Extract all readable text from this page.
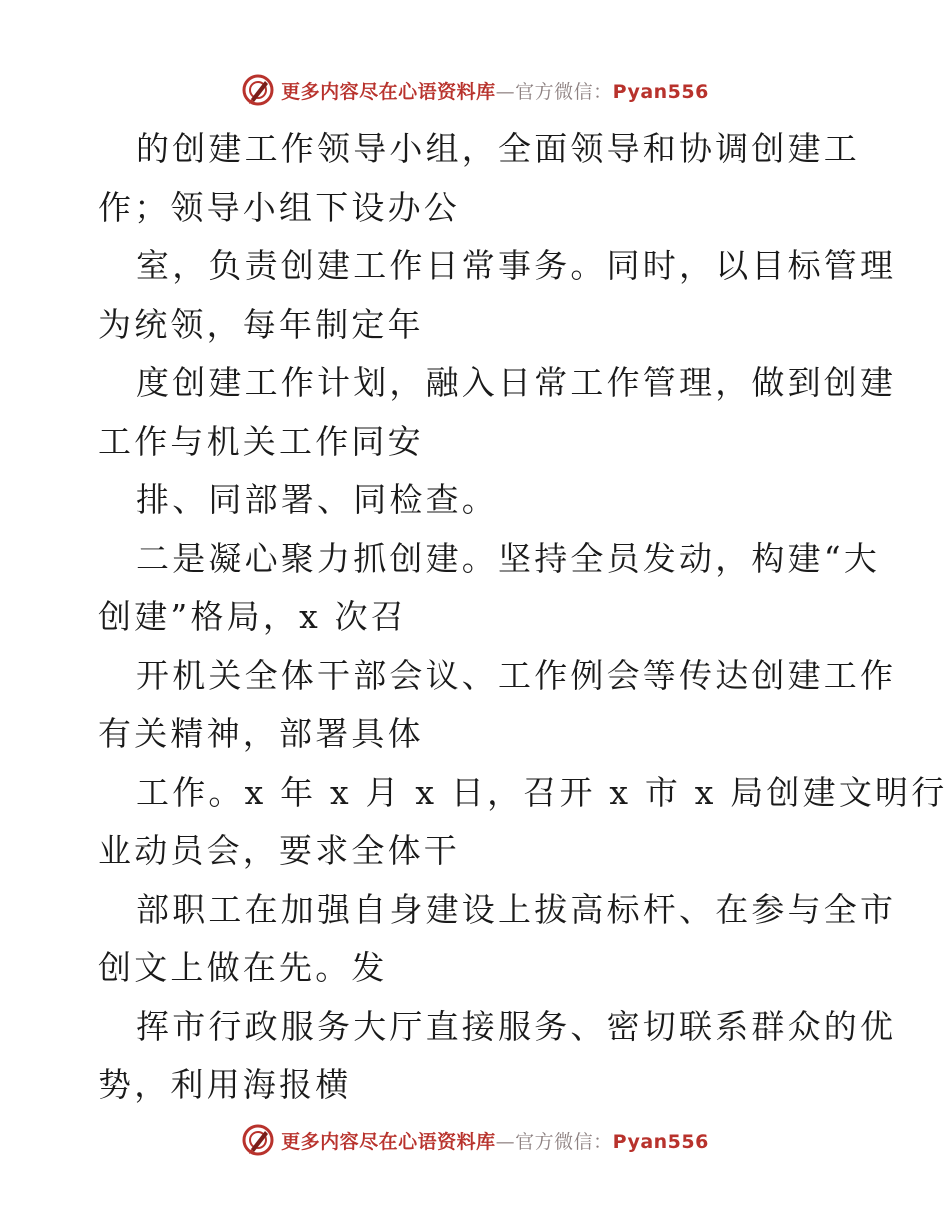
更多内容尽在心语资料库—官方微信：Pyan556
的创建工作领导小组，全面领导和协调创建工
作；领导小组下设办公
室，负责创建工作日常事务。同时，以目标管理
为统领，每年制定年
度创建工作计划，融入日常工作管理，做到创建
工作与机关工作同安
排、同部署、同检查。
二是凝心聚力抓创建。坚持全员发动，构建“大
创建”格局，x 次召
开机关全体干部会议、工作例会等传达创建工作
有关精神，部署具体
工作。x 年 x 月 x 日，召开 x 市 x 局创建文明行
业动员会，要求全体干
部职工在加强自身建设上拔高标杆、在参与全市
创文上做在先。发
挥市行政服务大厅直接服务、密切联系群众的优
势，利用海报横
更多内容尽在心语资料库—官方微信：Pyan556
